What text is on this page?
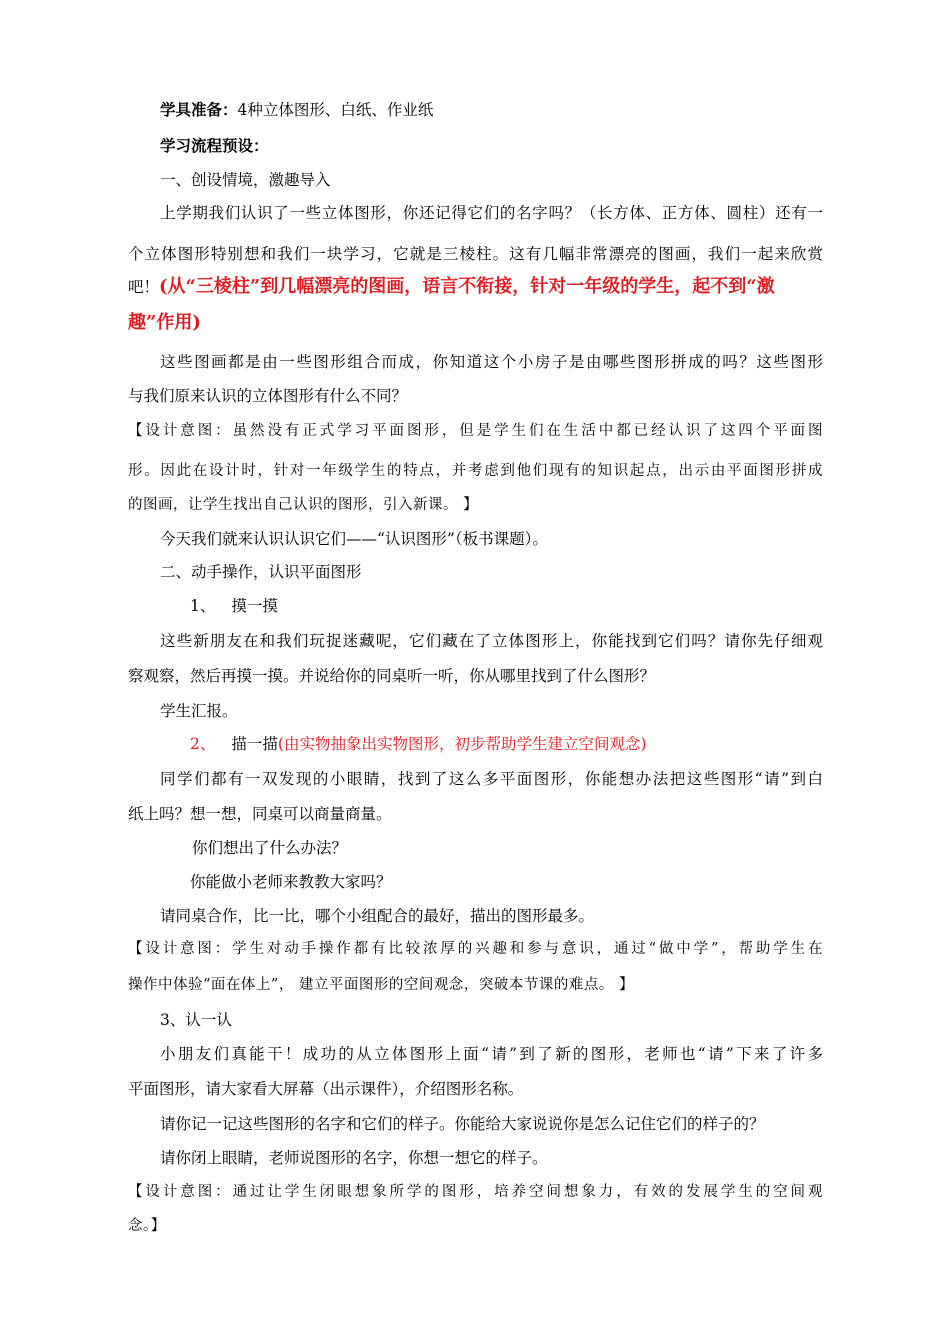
学具准备：4种立体图形、白纸、作业纸
学习流程预设：
一、创设情境，激趣导入
上学期我们认识了一些立体图形，你还记得它们的名字吗？（长方体、正方体、圆柱）还有一
个立体图形特别想和我们一块学习，它就是三棱柱。这有几幅非常漂亮的图画，我们一起来欣赏
吧！(从“三棱柱”到几幅漂亮的图画，语言不衔接，针对一年级的学生，起不到“激
趣”作用)
这些图画都是由一些图形组合而成，你知道这个小房子是由哪些图形拼成的吗？这些图形
与我们原来认识的立体图形有什么不同？
【设计意图：虽然没有正式学习平面图形，但是学生们在生活中都已经认识了这四个平面图
形。因此在设计时，针对一年级学生的特点，并考虑到他们现有的知识起点，出示由平面图形拼成
的图画，让学生找出自己认识的图形，引入新课。 】
今天我们就来认识认识它们——“认识图形”（板书课题）。
二、动手操作，认识平面图形
1、 摸一摸
这些新朋友在和我们玩捉迷藏呢，它们藏在了立体图形上，你能找到它们吗？请你先仔细观
察观察，然后再摸一摸。并说给你的同桌听一听，你从哪里找到了什么图形？
学生汇报。
2、 描一描(由实物抽象出实物图形，初步帮助学生建立空间观念)
同学们都有一双发现的小眼睛，找到了这么多平面图形，你能想办法把这些图形“请”到白
纸上吗？想一想，同桌可以商量商量。
你们想出了什么办法？
你能做小老师来教教大家吗？
请同桌合作，比一比，哪个小组配合的最好，描出的图形最多。
【设计意图：学生对动手操作都有比较浓厚的兴趣和参与意识，通过“做中学”，帮助学生在
操作中体验“面在体上”， 建立平面图形的空间观念，突破本节课的难点。 】
3、认一认
小朋友们真能干！成功的从立体图形上面“请”到了新的图形，老师也“请”下来了许多
平面图形，请大家看大屏幕（出示课件），介绍图形名称。
请你记一记这些图形的名字和它们的样子。你能给大家说说你是怎么记住它们的样子的？
请你闭上眼睛，老师说图形的名字，你想一想它的样子。
【设计意图：通过让学生闭眼想象所学的图形，培养空间想象力，有效的发展学生的空间观
念。】
